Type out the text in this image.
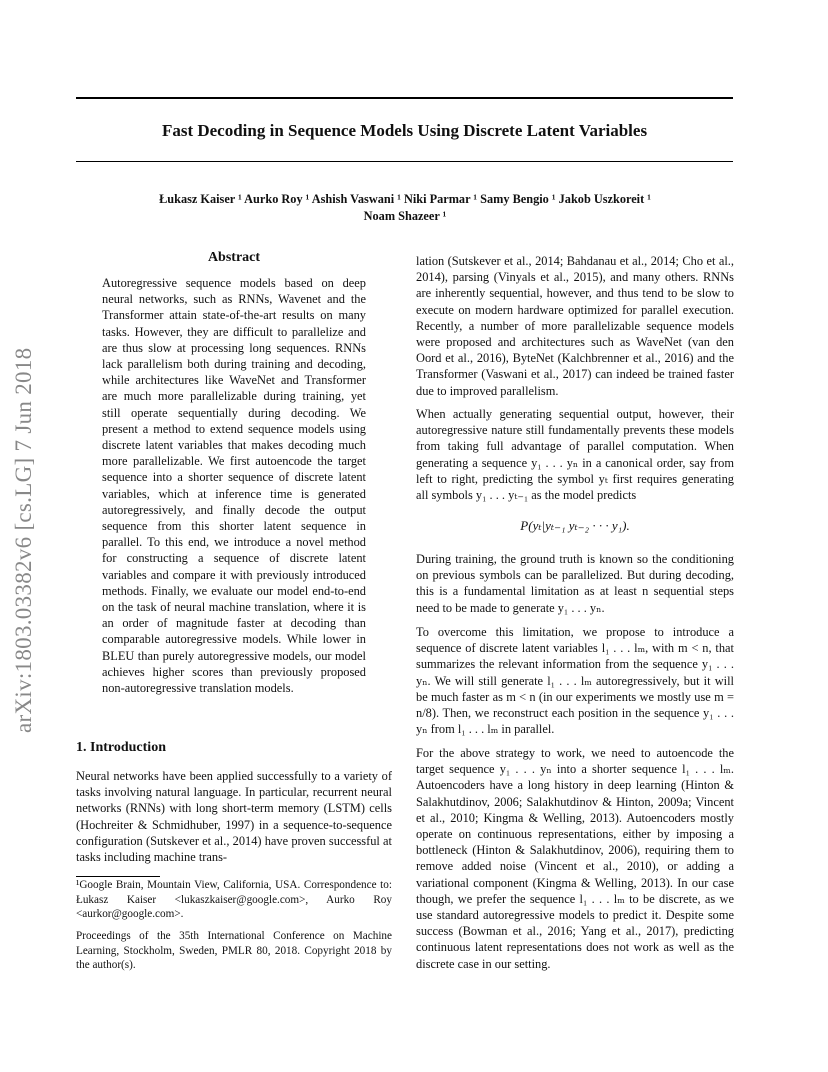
Fast Decoding in Sequence Models Using Discrete Latent Variables
Łukasz Kaiser ¹ Aurko Roy ¹ Ashish Vaswani ¹ Niki Parmar ¹ Samy Bengio ¹ Jakob Uszkoreit ¹
Noam Shazeer ¹
arXiv:1803.03382v6 [cs.LG] 7 Jun 2018
Abstract

Autoregressive sequence models based on deep neural networks, such as RNNs, Wavenet and the Transformer attain state-of-the-art results on many tasks. However, they are difficult to parallelize and are thus slow at processing long sequences. RNNs lack parallelism both during training and decoding, while architectures like WaveNet and Transformer are much more parallelizable during training, yet still operate sequentially during decoding. We present a method to extend sequence models using discrete latent variables that makes decoding much more parallelizable. We first autoencode the target sequence into a shorter sequence of discrete latent variables, which at inference time is generated autoregressively, and finally decode the output sequence from this shorter latent sequence in parallel. To this end, we introduce a novel method for constructing a sequence of discrete latent variables and compare it with previously introduced methods. Finally, we evaluate our model end-to-end on the task of neural machine translation, where it is an order of magnitude faster at decoding than comparable autoregressive models. While lower in BLEU than purely autoregressive models, our model achieves higher scores than previously proposed non-autoregressive translation models.

1. Introduction

Neural networks have been applied successfully to a variety of tasks involving natural language. In particular, recurrent neural networks (RNNs) with long short-term memory (LSTM) cells (Hochreiter & Schmidhuber, 1997) in a sequence-to-sequence configuration (Sutskever et al., 2014) have proven successful at tasks including machine trans-

¹Google Brain, Mountain View, California, USA. Correspondence to: Łukasz Kaiser <lukaszkaiser@google.com>, Aurko Roy <aurkor@google.com>.

Proceedings of the 35th International Conference on Machine Learning, Stockholm, Sweden, PMLR 80, 2018. Copyright 2018 by the author(s).

lation (Sutskever et al., 2014; Bahdanau et al., 2014; Cho et al., 2014), parsing (Vinyals et al., 2015), and many others. RNNs are inherently sequential, however, and thus tend to be slow to execute on modern hardware optimized for parallel execution. Recently, a number of more parallelizable sequence models were proposed and architectures such as WaveNet (van den Oord et al., 2016), ByteNet (Kalchbrenner et al., 2016) and the Transformer (Vaswani et al., 2017) can indeed be trained faster due to improved parallelism.

When actually generating sequential output, however, their autoregressive nature still fundamentally prevents these models from taking full advantage of parallel computation. When generating a sequence y₁ . . . yₙ in a canonical order, say from left to right, predicting the symbol yₜ first requires generating all symbols y₁ . . . yₜ₋₁ as the model predicts

P(yₜ|yₜ₋₁ yₜ₋₂ · · · y₁).

During training, the ground truth is known so the conditioning on previous symbols can be parallelized. But during decoding, this is a fundamental limitation as at least n sequential steps need to be made to generate y₁ . . . yₙ.

To overcome this limitation, we propose to introduce a sequence of discrete latent variables l₁ . . . lₘ, with m < n, that summarizes the relevant information from the sequence y₁ . . . yₙ. We will still generate l₁ . . . lₘ autoregressively, but it will be much faster as m < n (in our experiments we mostly use m = n/8). Then, we reconstruct each position in the sequence y₁ . . . yₙ from l₁ . . . lₘ in parallel.

For the above strategy to work, we need to autoencode the target sequence y₁ . . . yₙ into a shorter sequence l₁ . . . lₘ. Autoencoders have a long history in deep learning (Hinton & Salakhutdinov, 2006; Salakhutdinov & Hinton, 2009a; Vincent et al., 2010; Kingma & Welling, 2013). Autoencoders mostly operate on continuous representations, either by imposing a bottleneck (Hinton & Salakhutdinov, 2006), requiring them to remove added noise (Vincent et al., 2010), or adding a variational component (Kingma & Welling, 2013). In our case though, we prefer the sequence l₁ . . . lₘ to be discrete, as we use standard autoregressive models to predict it. Despite some success (Bowman et al., 2016; Yang et al., 2017), predicting continuous latent representations does not work as well as the discrete case in our setting.
